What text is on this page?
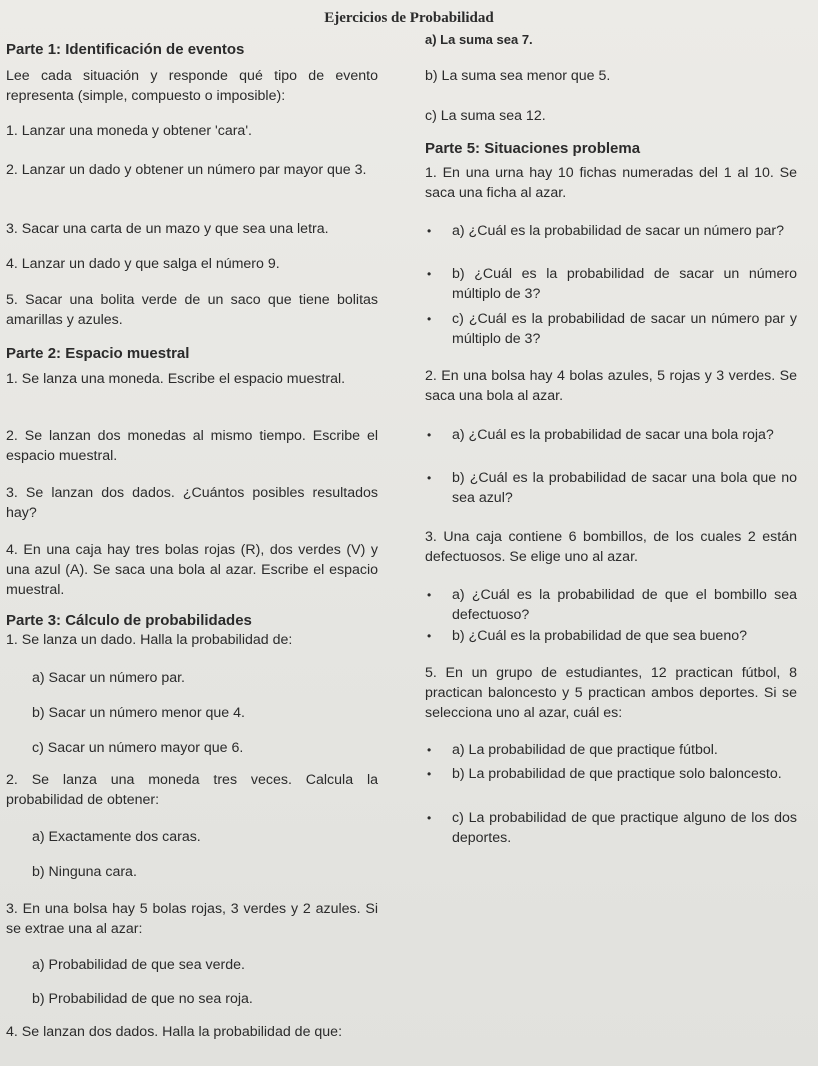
Ejercicios de Probabilidad
Parte 1: Identificación de eventos
Lee cada situación y responde qué tipo de evento representa (simple, compuesto o imposible):
1. Lanzar una moneda y obtener 'cara'.
2. Lanzar un dado y obtener un número par mayor que 3.
3. Sacar una carta de un mazo y que sea una letra.
4. Lanzar un dado y que salga el número 9.
5. Sacar una bolita verde de un saco que tiene bolitas amarillas y azules.
Parte 2: Espacio muestral
1. Se lanza una moneda. Escribe el espacio muestral.
2. Se lanzan dos monedas al mismo tiempo. Escribe el espacio muestral.
3. Se lanzan dos dados. ¿Cuántos posibles resultados hay?
4. En una caja hay tres bolas rojas (R), dos verdes (V) y una azul (A). Se saca una bola al azar. Escribe el espacio muestral.
Parte 3: Cálculo de probabilidades
1. Se lanza un dado. Halla la probabilidad de:
a) Sacar un número par.
b) Sacar un número menor que 4.
c) Sacar un número mayor que 6.
2. Se lanza una moneda tres veces. Calcula la probabilidad de obtener:
a) Exactamente dos caras.
b) Ninguna cara.
3. En una bolsa hay 5 bolas rojas, 3 verdes y 2 azules. Si se extrae una al azar:
a) Probabilidad de que sea verde.
b) Probabilidad de que no sea roja.
4. Se lanzan dos dados. Halla la probabilidad de que:
a) La suma sea 7.
b) La suma sea menor que 5.
c) La suma sea 12.
Parte 5: Situaciones problema
1. En una urna hay 10 fichas numeradas del 1 al 10. Se saca una ficha al azar.
• a) ¿Cuál es la probabilidad de sacar un número par?
• b) ¿Cuál es la probabilidad de sacar un número múltiplo de 3?
• c) ¿Cuál es la probabilidad de sacar un número par y múltiplo de 3?
2. En una bolsa hay 4 bolas azules, 5 rojas y 3 verdes. Se saca una bola al azar.
• a) ¿Cuál es la probabilidad de sacar una bola roja?
• b) ¿Cuál es la probabilidad de sacar una bola que no sea azul?
3. Una caja contiene 6 bombillos, de los cuales 2 están defectuosos. Se elige uno al azar.
• a) ¿Cuál es la probabilidad de que el bombillo sea defectuoso?
• b) ¿Cuál es la probabilidad de que sea bueno?
5. En un grupo de estudiantes, 12 practican fútbol, 8 practican baloncesto y 5 practican ambos deportes. Si se selecciona uno al azar, cuál es:
• a) La probabilidad de que practique fútbol.
• b) La probabilidad de que practique solo baloncesto.
• c) La probabilidad de que practique alguno de los dos deportes.
